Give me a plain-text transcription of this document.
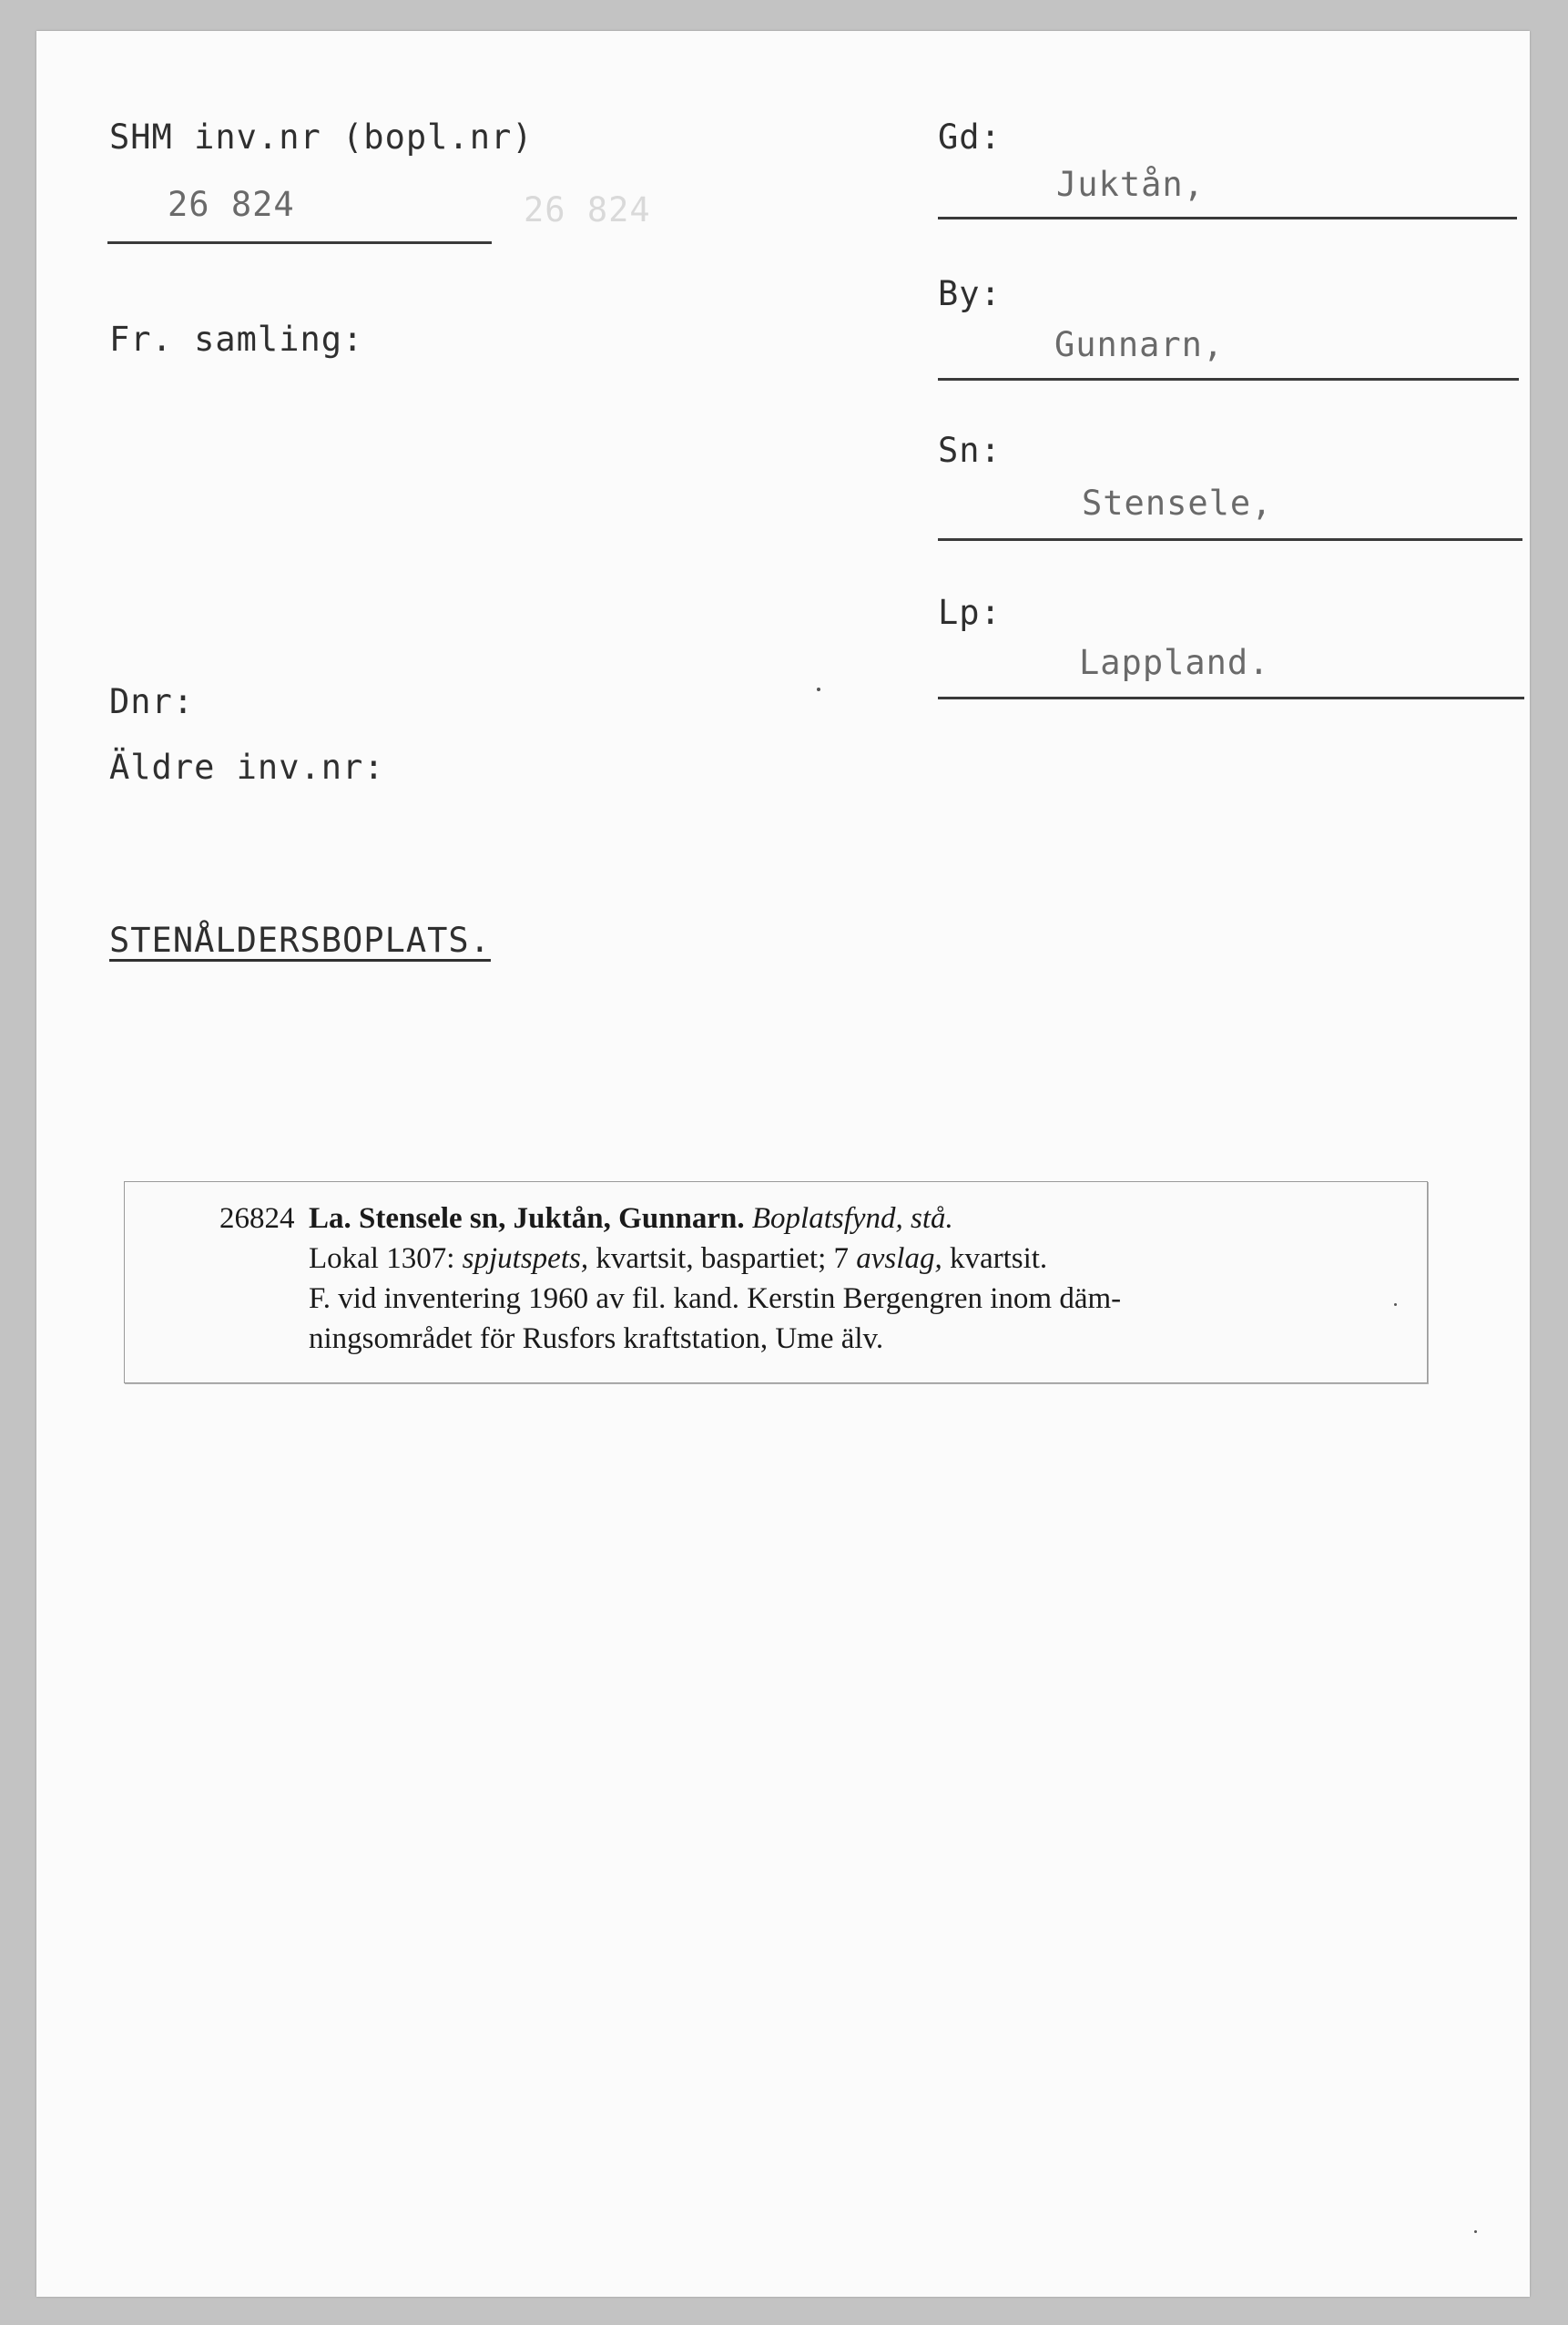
SHM inv.nr (bopl.nr)
26 824	26 824
Fr. samling:
Dnr:
Äldre inv.nr:
STENÅLDERSBOPLATS.
Gd:
Juktån,
By:
Gunnarn,
Sn:
Stensele,
Lp:
Lappland.
26824 La. Stensele sn, Juktån, Gunnarn. Boplatsfynd, stå.
Lokal 1307: spjutspets, kvartsit, baspartiet; 7 avslag, kvartsit.
F. vid inventering 1960 av fil. kand. Kerstin Bergengren inom däm-
ningsområdet för Rusfors kraftstation, Ume älv.
